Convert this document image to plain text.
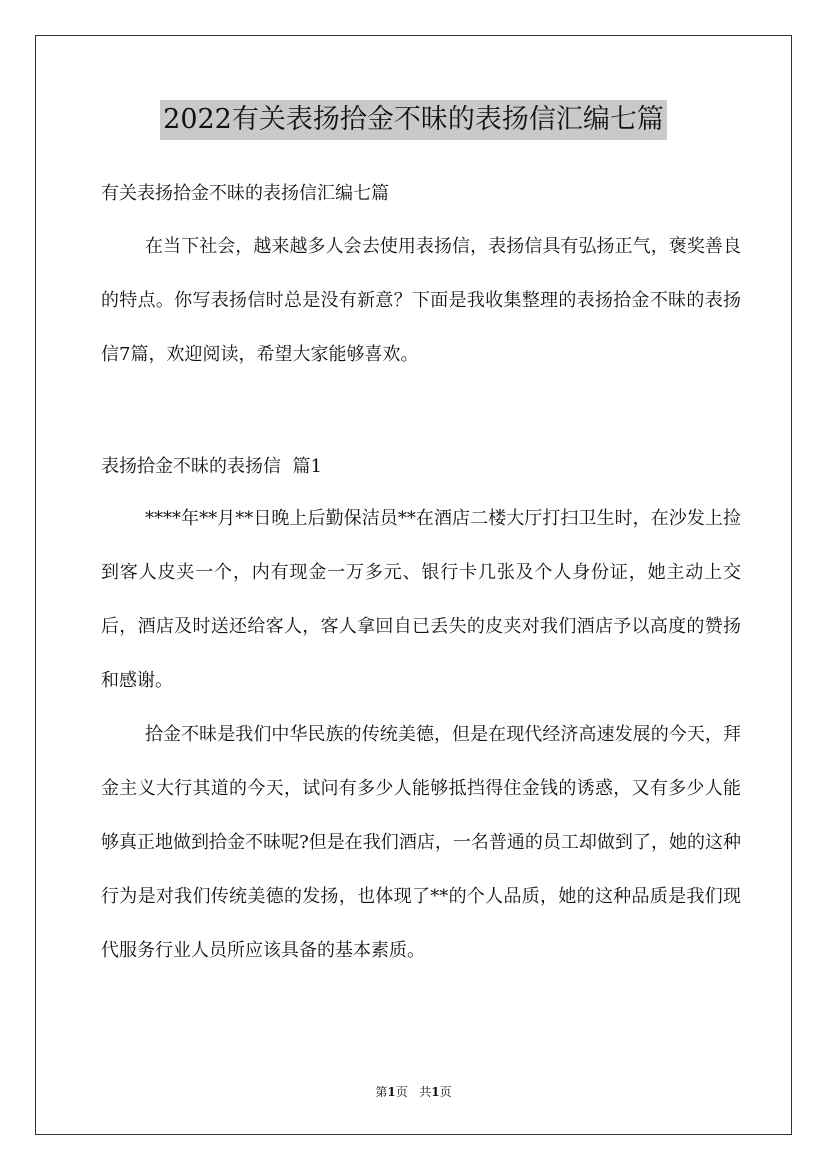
2022有关表扬拾金不昧的表扬信汇编七篇

有关表扬拾金不昧的表扬信汇编七篇

在当下社会，越来越多人会去使用表扬信，表扬信具有弘扬正气，褒奖善良的特点。你写表扬信时总是没有新意？下面是我收集整理的表扬拾金不昧的表扬信7篇，欢迎阅读，希望大家能够喜欢。

表扬拾金不昧的表扬信  篇1

****年**月**日晚上后勤保洁员**在酒店二楼大厅打扫卫生时，在沙发上捡到客人皮夹一个，内有现金一万多元、银行卡几张及个人身份证，她主动上交后，酒店及时送还给客人，客人拿回自已丢失的皮夹对我们酒店予以高度的赞扬和感谢。

拾金不昧是我们中华民族的传统美德，但是在现代经济高速发展的今天，拜金主义大行其道的今天，试问有多少人能够抵挡得住金钱的诱惑，又有多少人能够真正地做到拾金不昧呢?但是在我们酒店，一名普通的员工却做到了，她的这种行为是对我们传统美德的发扬，也体现了**的个人品质，她的这种品质是我们现代服务行业人员所应该具备的基本素质。

第1页 共1页
